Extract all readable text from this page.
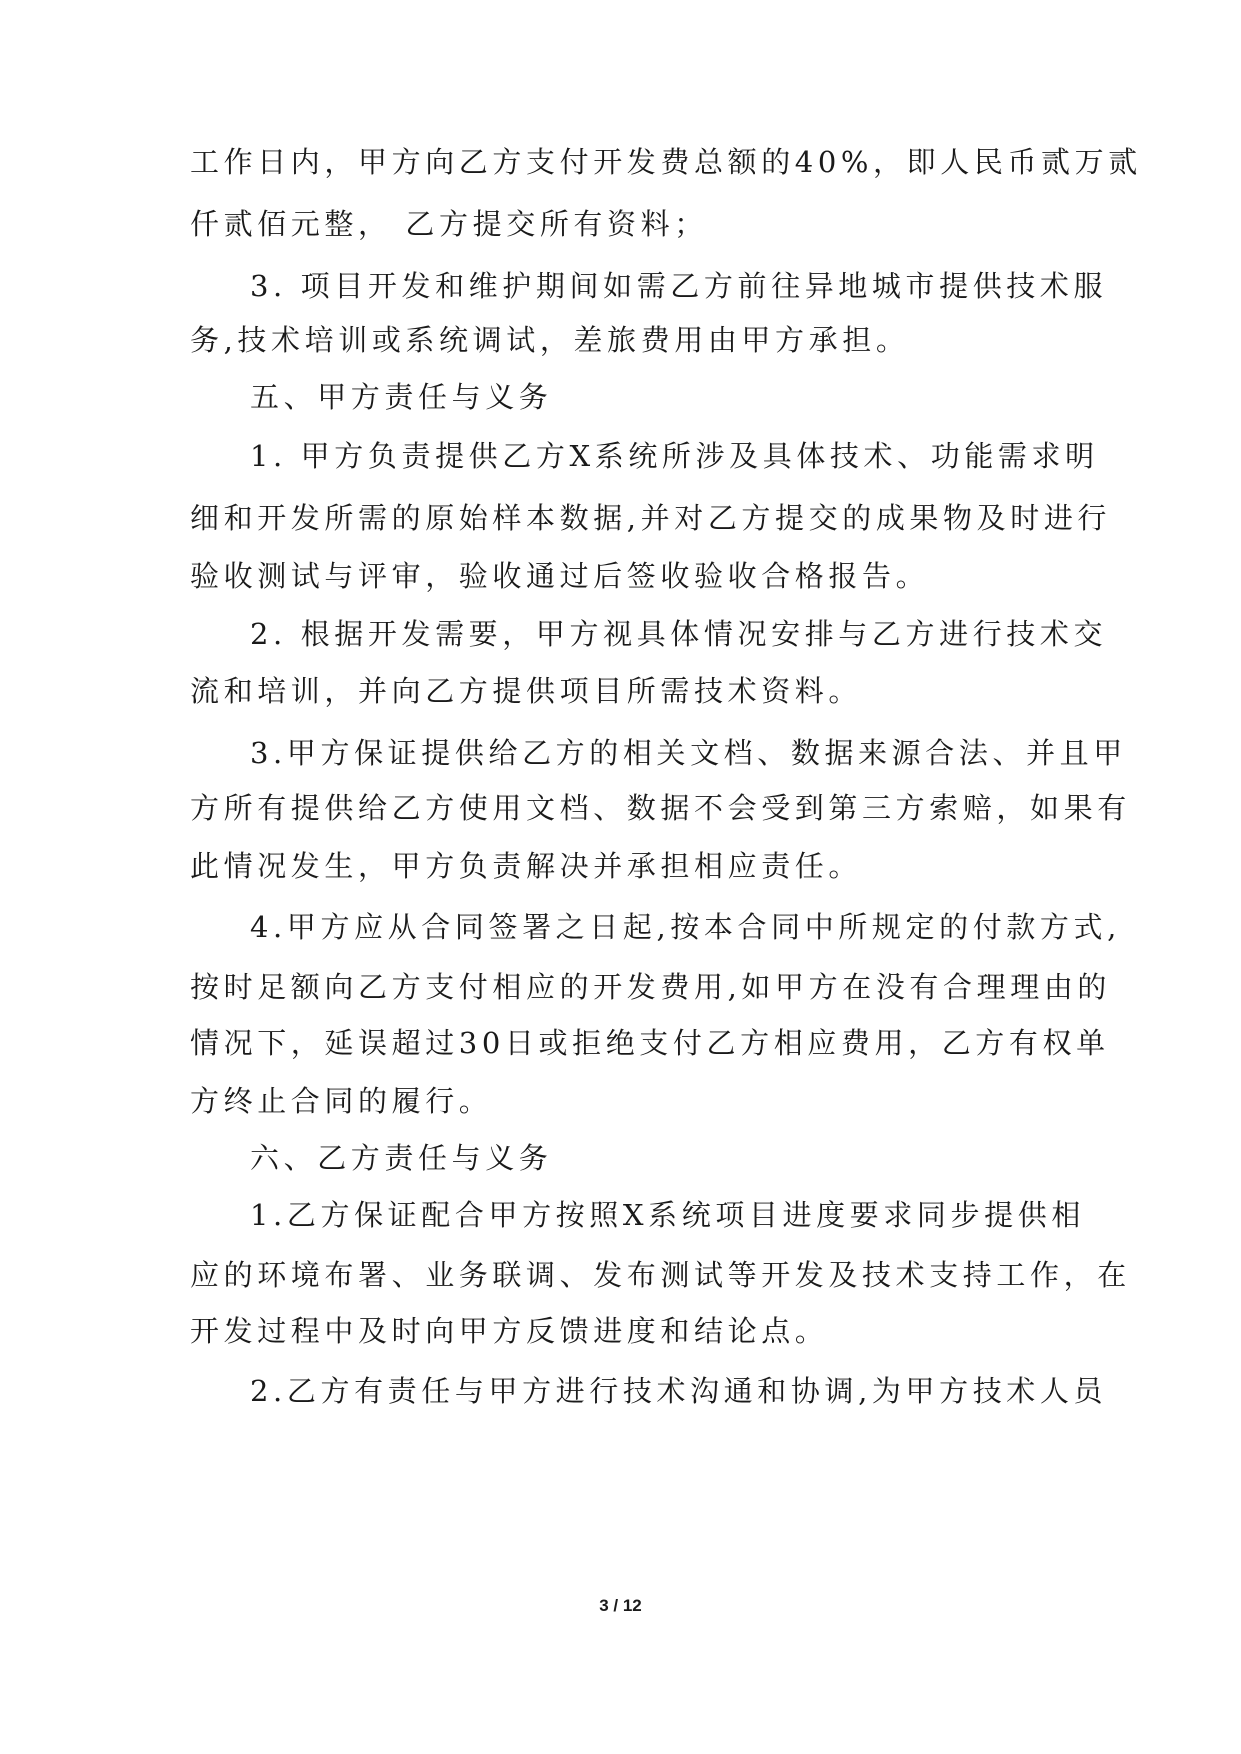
工作日内，甲方向乙方支付开发费总额的40%，即人民币贰万贰
仟贰佰元整， 乙方提交所有资料；
3. 项目开发和维护期间如需乙方前往异地城市提供技术服
务,技术培训或系统调试，差旅费用由甲方承担。
五、甲方责任与义务
1. 甲方负责提供乙方X系统所涉及具体技术、功能需求明
细和开发所需的原始样本数据,并对乙方提交的成果物及时进行
验收测试与评审，验收通过后签收验收合格报告。
2. 根据开发需要，甲方视具体情况安排与乙方进行技术交
流和培训，并向乙方提供项目所需技术资料。
3.甲方保证提供给乙方的相关文档、数据来源合法、并且甲
方所有提供给乙方使用文档、数据不会受到第三方索赔，如果有
此情况发生，甲方负责解决并承担相应责任。
4.甲方应从合同签署之日起,按本合同中所规定的付款方式,
按时足额向乙方支付相应的开发费用,如甲方在没有合理理由的
情况下，延误超过30日或拒绝支付乙方相应费用，乙方有权单
方终止合同的履行。
六、乙方责任与义务
1.乙方保证配合甲方按照X系统项目进度要求同步提供相
应的环境布署、业务联调、发布测试等开发及技术支持工作，在
开发过程中及时向甲方反馈进度和结论点。
2.乙方有责任与甲方进行技术沟通和协调,为甲方技术人员
3 / 12
